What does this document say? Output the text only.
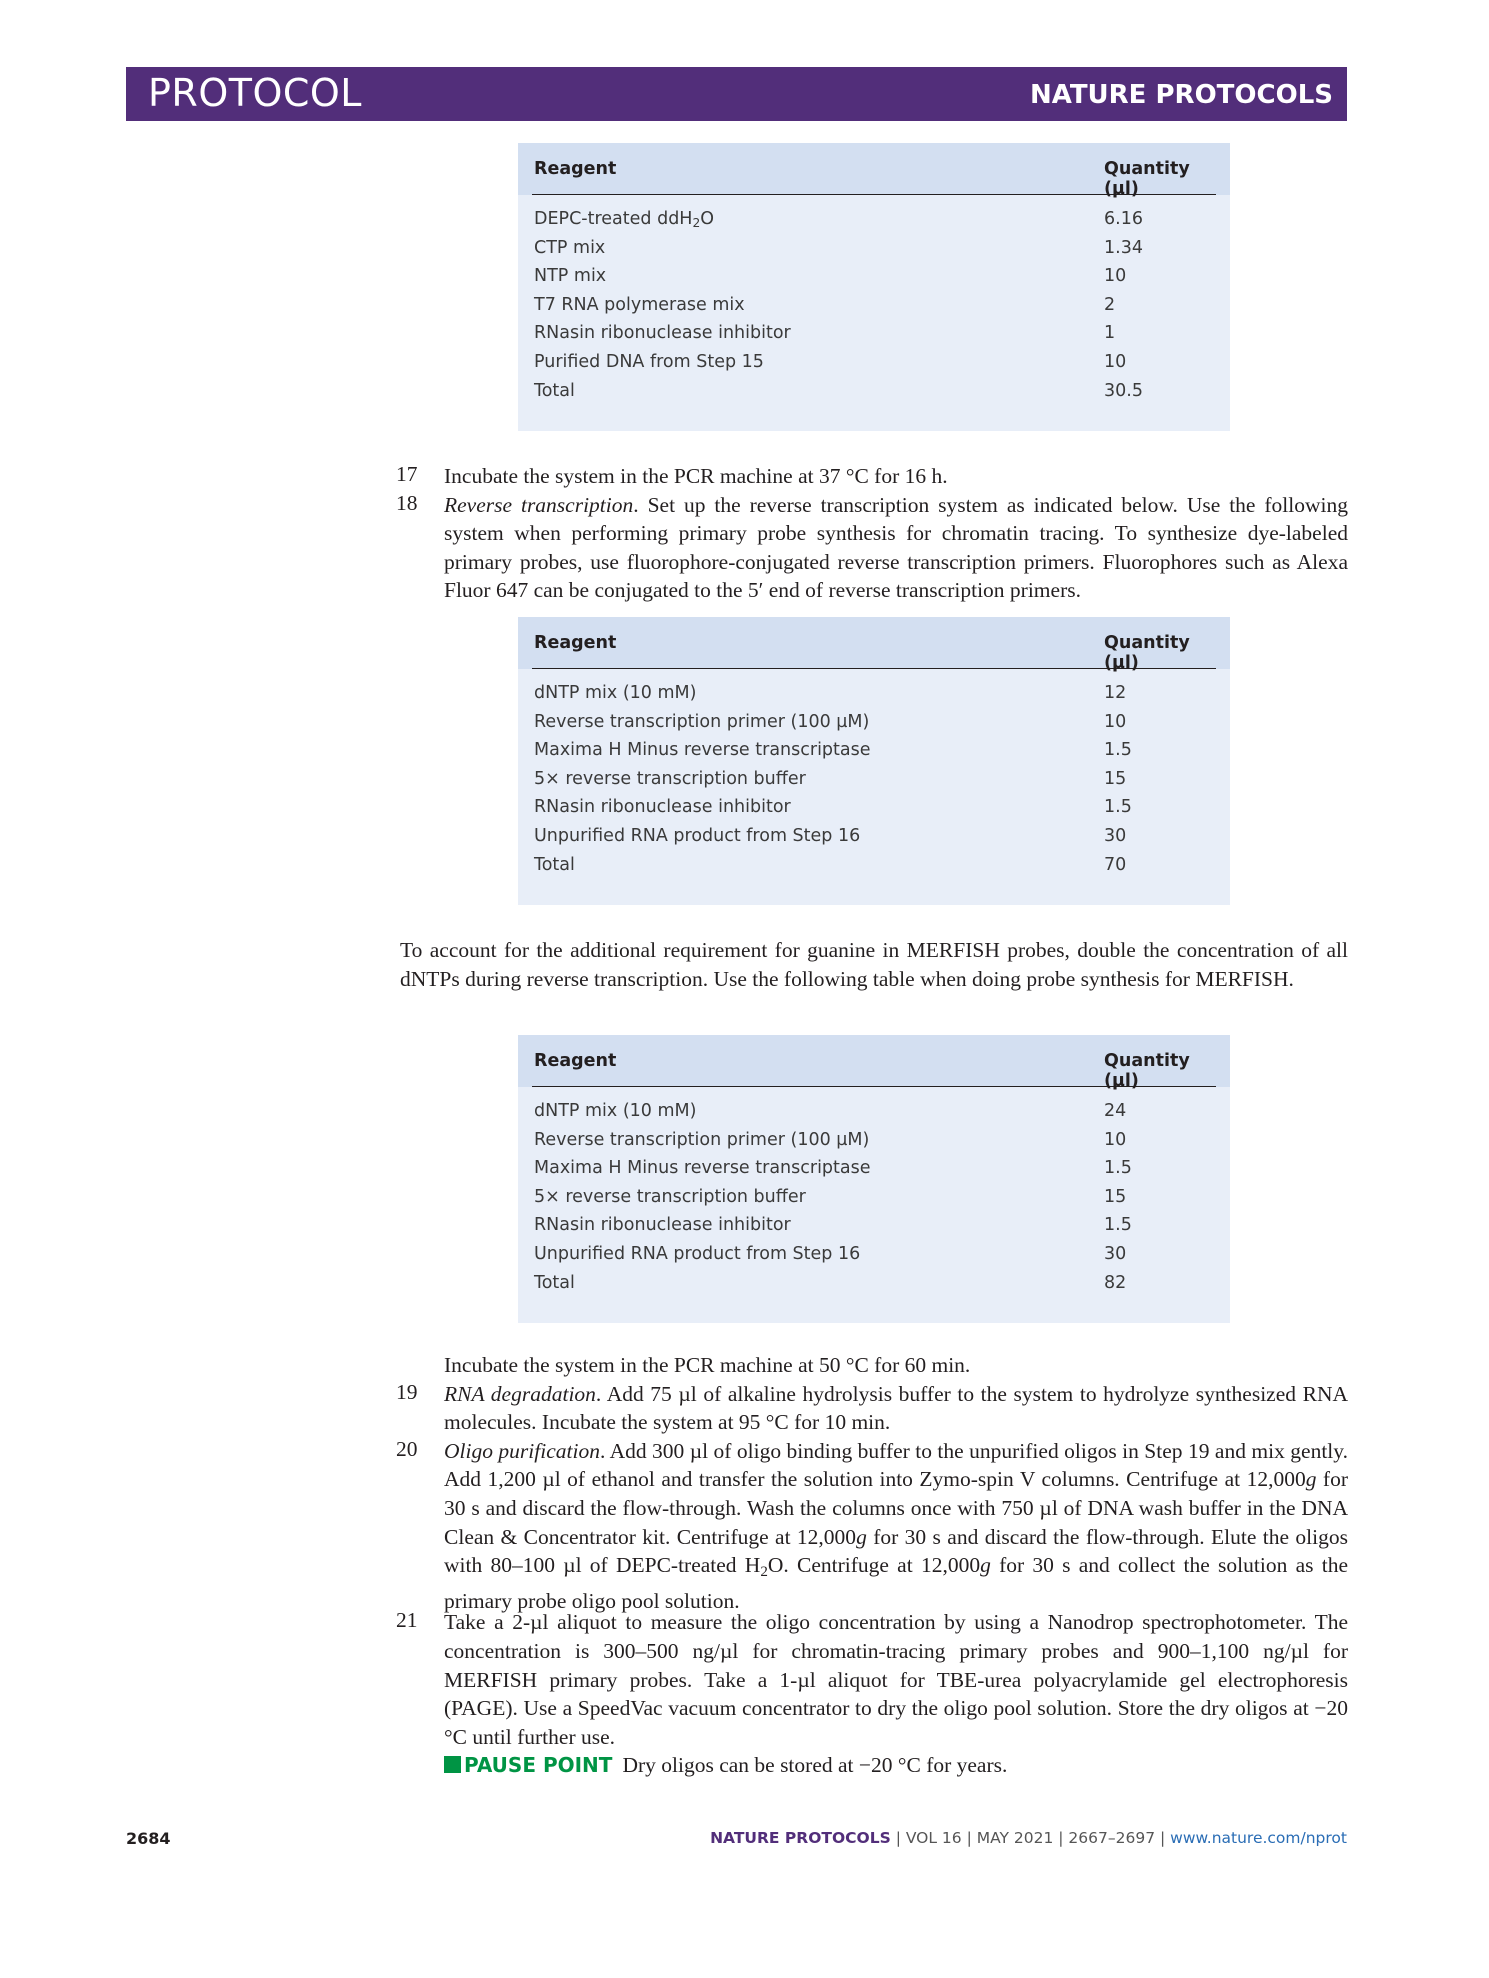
PROTOCOL	NATURE PROTOCOLS
Reagent	Quantity (µl)
DEPC-treated ddH$_2$O	6.16
CTP mix	1.34
NTP mix	10
T7 RNA polymerase mix	2
RNasin ribonuclease inhibitor	1
Purified DNA from Step 15	10
Total	30.5
17 Incubate the system in the PCR machine at 37 °C for 16 h.
18 Reverse transcription. Set up the reverse transcription system as indicated below. Use the following system when performing primary probe synthesis for chromatin tracing. To synthesize dye-labeled primary probes, use fluorophore-conjugated reverse transcription primers. Fluorophores such as Alexa Fluor 647 can be conjugated to the 5′ end of reverse transcription primers.
Reagent	Quantity (µl)
dNTP mix (10 mM)	12
Reverse transcription primer (100 µM)	10
Maxima H Minus reverse transcriptase	1.5
5× reverse transcription buffer	15
RNasin ribonuclease inhibitor	1.5
Unpurified RNA product from Step 16	30
Total	70
To account for the additional requirement for guanine in MERFISH probes, double the concentration of all dNTPs during reverse transcription. Use the following table when doing probe synthesis for MERFISH.
Reagent	Quantity (µl)
dNTP mix (10 mM)	24
Reverse transcription primer (100 µM)	10
Maxima H Minus reverse transcriptase	1.5
5× reverse transcription buffer	15
RNasin ribonuclease inhibitor	1.5
Unpurified RNA product from Step 16	30
Total	82
Incubate the system in the PCR machine at 50 °C for 60 min.
19 RNA degradation. Add 75 µl of alkaline hydrolysis buffer to the system to hydrolyze synthesized RNA molecules. Incubate the system at 95 °C for 10 min.
20 Oligo purification. Add 300 µl of oligo binding buffer to the unpurified oligos in Step 19 and mix gently. Add 1,200 µl of ethanol and transfer the solution into Zymo-spin V columns. Centrifuge at 12,000g for 30 s and discard the flow-through. Wash the columns once with 750 µl of DNA wash buffer in the DNA Clean & Concentrator kit. Centrifuge at 12,000g for 30 s and discard the flow-through. Elute the oligos with 80–100 µl of DEPC-treated $H_2O$. Centrifuge at 12,000g for 30 s and collect the solution as the primary probe oligo pool solution.
21 Take a 2-µl aliquot to measure the oligo concentration by using a Nanodrop spectrophotometer. The concentration is 300–500 ng/µl for chromatin-tracing primary probes and 900–1,100 ng/µl for MERFISH primary probes. Take a 1-µl aliquot for TBE-urea polyacrylamide gel electrophoresis (PAGE). Use a SpeedVac vacuum concentrator to dry the oligo pool solution. Store the dry oligos at −20 °C until further use.
PAUSE POINT Dry oligos can be stored at −20 °C for years.
2684	NATURE PROTOCOLS | VOL 16 | MAY 2021 | 2667–2697 | www.nature.com/nprot
